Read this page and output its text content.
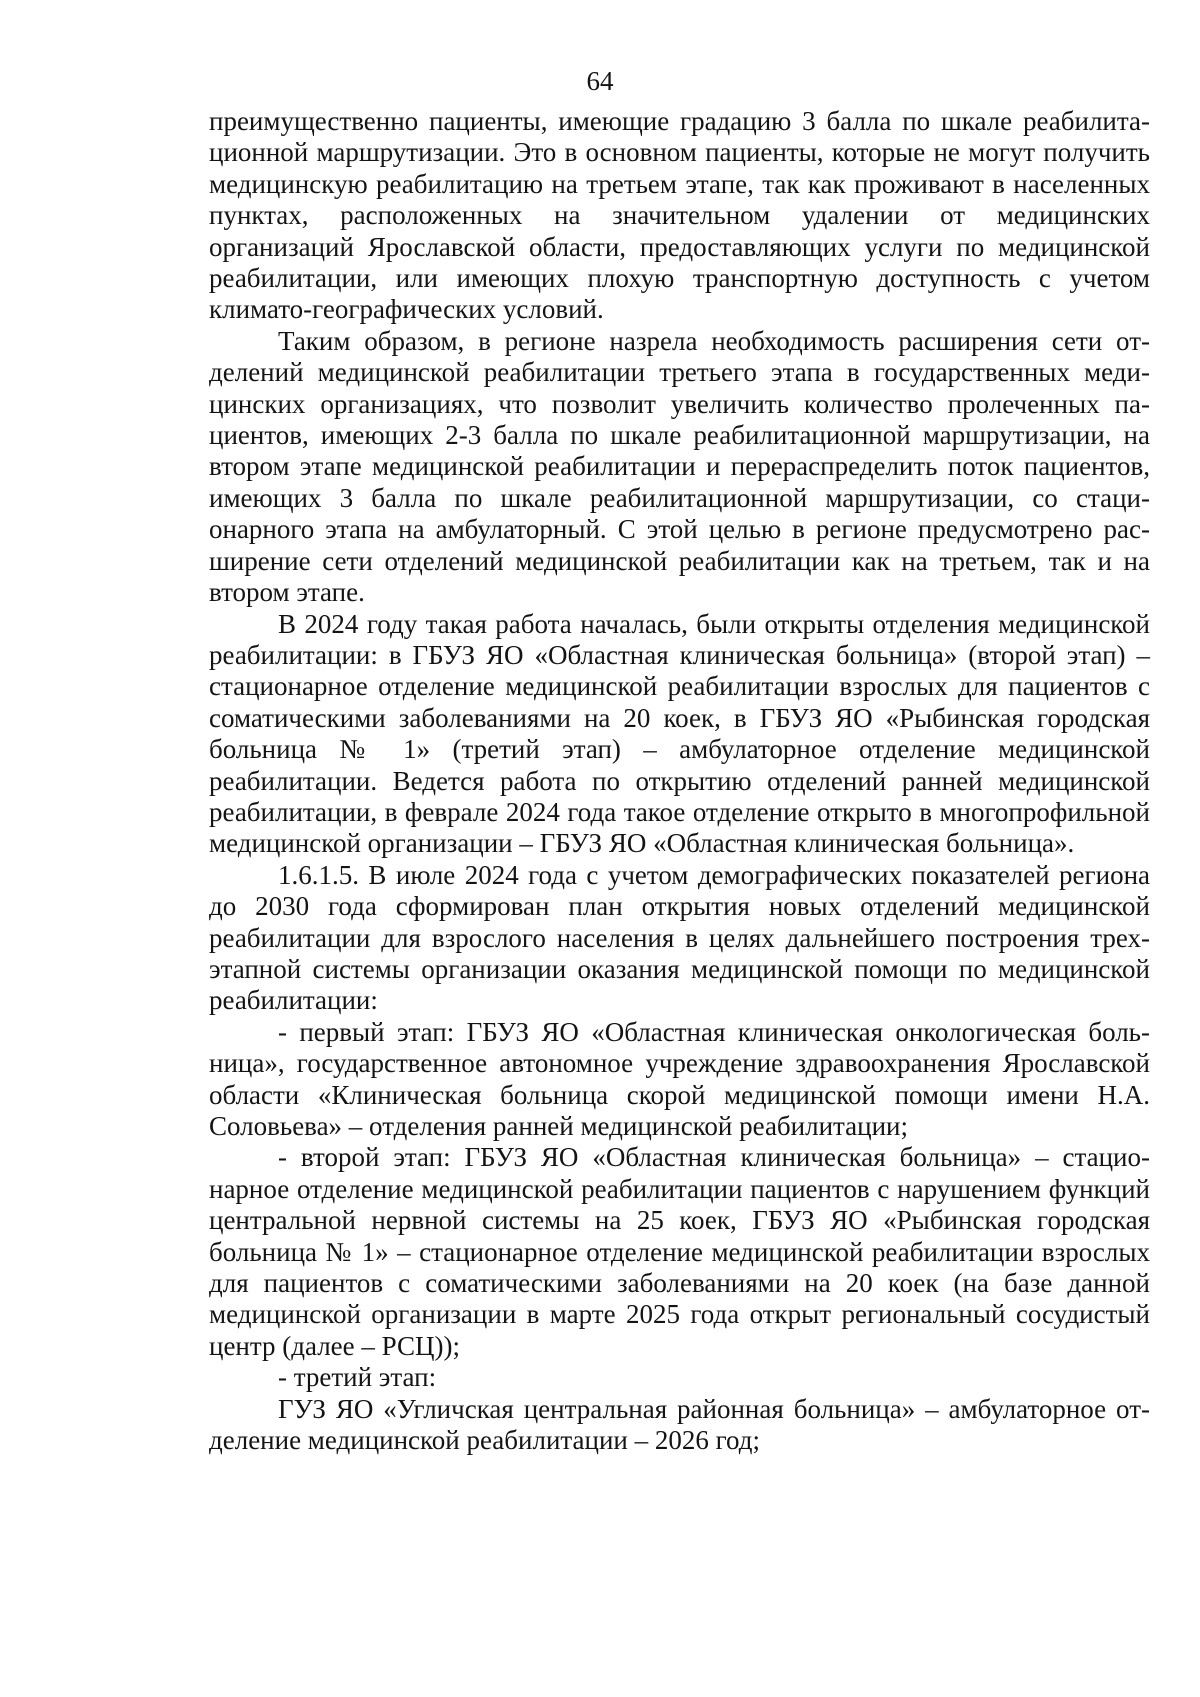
64

преимущественно пациенты, имеющие градацию 3 балла по шкале реабилитационной маршрутизации. Это в основном пациенты, которые не могут получить медицинскую реабилитацию на третьем этапе, так как проживают в населенных пунктах, расположенных на значительном удалении от медицинских организаций Ярославской области, предоставляющих услуги по медицинской реабилитации, или имеющих плохую транспортную доступность с учетом климато-географических условий.

Таким образом, в регионе назрела необходимость расширения сети отделений медицинской реабилитации третьего этапа в государственных медицинских организациях, что позволит увеличить количество пролеченных пациентов, имеющих 2-3 балла по шкале реабилитационной маршрутизации, на втором этапе медицинской реабилитации и перераспределить поток пациентов, имеющих 3 балла по шкале реабилитационной маршрутизации, со стационарного этапа на амбулаторный. С этой целью в регионе предусмотрено расширение сети отделений медицинской реабилитации как на третьем, так и на втором этапе.

В 2024 году такая работа началась, были открыты отделения медицинской реабилитации: в ГБУЗ ЯО «Областная клиническая больница» (второй этап) – стационарное отделение медицинской реабилитации взрослых для пациентов с соматическими заболеваниями на 20 коек, в ГБУЗ ЯО «Рыбинская городская больница № 1» (третий этап) – амбулаторное отделение медицинской реабилитации. Ведется работа по открытию отделений ранней медицинской реабилитации, в феврале 2024 года такое отделение открыто в многопрофильной медицинской организации – ГБУЗ ЯО «Областная клиническая больница».

1.6.1.5. В июле 2024 года с учетом демографических показателей региона до 2030 года сформирован план открытия новых отделений медицинской реабилитации для взрослого населения в целях дальнейшего построения трехэтапной системы организации оказания медицинской помощи по медицинской реабилитации:

- первый этап: ГБУЗ ЯО «Областная клиническая онкологическая больница», государственное автономное учреждение здравоохранения Ярославской области «Клиническая больница скорой медицинской помощи имени Н.А. Соловьева» – отделения ранней медицинской реабилитации;

- второй этап: ГБУЗ ЯО «Областная клиническая больница» – стационарное отделение медицинской реабилитации пациентов с нарушением функций центральной нервной системы на 25 коек, ГБУЗ ЯО «Рыбинская городская больница № 1» – стационарное отделение медицинской реабилитации взрослых для пациентов с соматическими заболеваниями на 20 коек (на базе данной медицинской организации в марте 2025 года открыт региональный сосудистый центр (далее – РСЦ));

- третий этап:

ГУЗ ЯО «Угличская центральная районная больница» – амбулаторное отделение медицинской реабилитации – 2026 год;
